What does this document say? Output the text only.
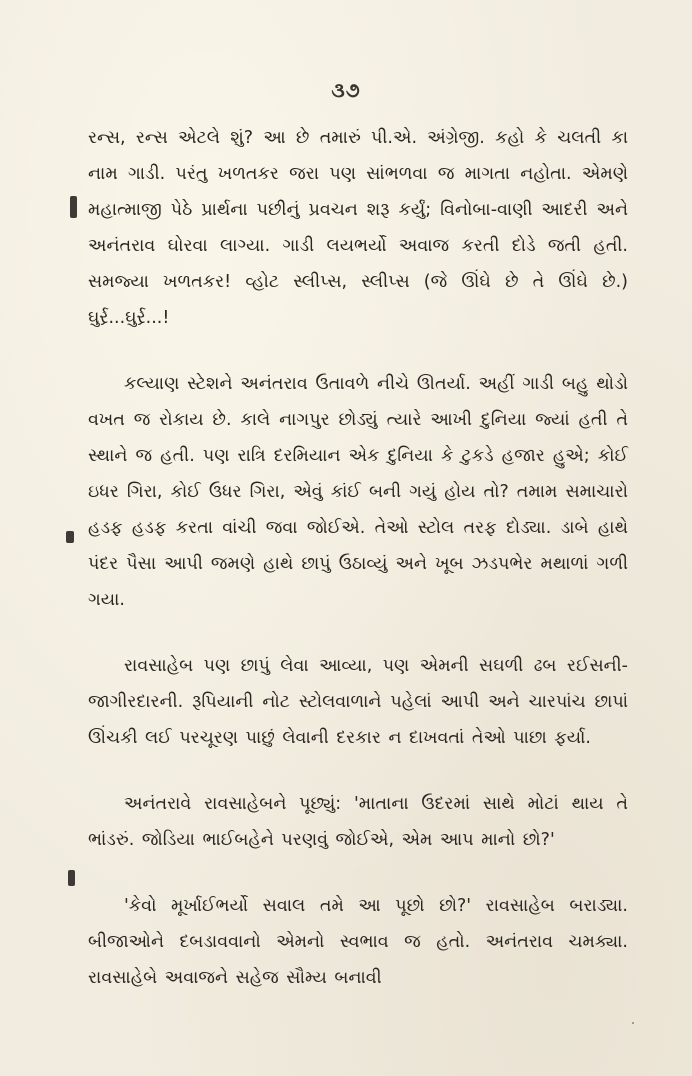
૩૭

રન્સ, રન્સ એટલે શું? આ છે તમારું પી.એ. અંગ્રેજી. કહો કે ચલતી કા નામ ગાડી. પરંતુ ખળતકર જરા પણ સાંભળવા જ માગતા નહોતા. એમણે મહાત્માજી પેઠે પ્રાર્થના પછીનું પ્રવચન શરૂ કર્યું; વિનોબા-વાણી આદરી અને અનંતરાવ ઘોરવા લાગ્યા. ગાડી લયભર્યો અવાજ કરતી દોડે જતી હતી. સમજ્યા ખળતકર! વ્હોટ સ્લીપ્સ, સ્લીપ્સ (જે ઊંઘે છે તે ઊંઘે છે.) ઘુર્ર્ર...ઘુર્ર્ર...!

કલ્યાણ સ્ટેશને અનંતરાવ ઉતાવળે નીચે ઊતર્યા. અહીં ગાડી બહુ થોડો વખત જ રોકાય છે. કાલે નાગપુર છોડ્યું ત્યારે આખી દુનિયા જ્યાં હતી તે સ્થાને જ હતી. પણ રાત્રિ દરમિયાન એક દુનિયા કે ટુકડે હજાર હુએ; કોઈ ઇધર ગિરા, કોઈ ઉધર ગિરા, એવું કાંઈ બની ગયું હોય તો? તમામ સમાચારો હડફ હડફ કરતા વાંચી જવા જોઈએ. તેઓ સ્ટોલ તરફ દોડ્યા. ડાબે હાથે પંદર પૈસા આપી જમણે હાથે છાપું ઉઠાવ્યું અને ખૂબ ઝડપભેર મથાળાં ગળી ગયા.

રાવસાહેબ પણ છાપું લેવા આવ્યા, પણ એમની સઘળી ઢબ રઈસની-જાગીરદારની. રૂપિયાની નોટ સ્ટોલવાળાને પહેલાં આપી અને ચારપાંચ છાપાં ઊંચકી લઈ પરચૂરણ પાછું લેવાની દરકાર ન દાખવતાં તેઓ પાછા ફર્યા.

અનંતરાવે રાવસાહેબને પૂછ્યું: 'માતાના ઉદરમાં સાથે મોટાં થાય તે ભાંડરું. જોડિયા ભાઈબહેને પરણવું જોઈએ, એમ આપ માનો છો?'

'કેવો મૂર્ખાઈભર્યો સવાલ તમે આ પૂછો છો?' રાવસાહેબ બરાડ્યા. બીજાઓને દબડાવવાનો એમનો સ્વભાવ જ હતો. અનંતરાવ ચમક્યા. રાવસાહેબે અવાજને સહેજ સૌમ્ય બનાવી
